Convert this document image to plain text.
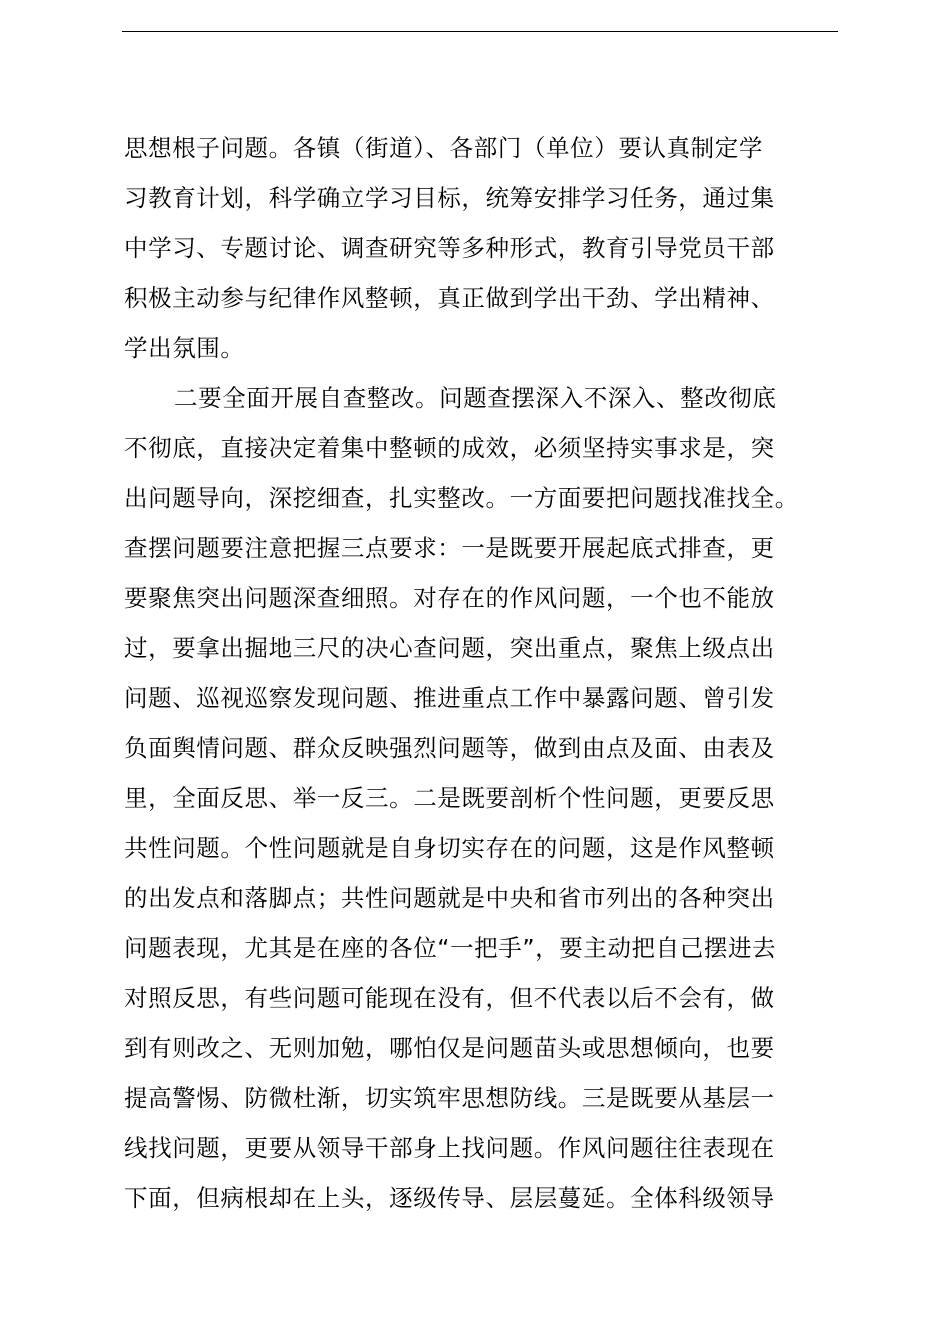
思想根子问题。各镇（街道）、各部门（单位）要认真制定学
习教育计划，科学确立学习目标，统筹安排学习任务，通过集
中学习、专题讨论、调查研究等多种形式，教育引导党员干部
积极主动参与纪律作风整顿，真正做到学出干劲、学出精神、
学出氛围。
二要全面开展自查整改。问题查摆深入不深入、整改彻底
不彻底，直接决定着集中整顿的成效，必须坚持实事求是，突
出问题导向，深挖细查，扎实整改。一方面要把问题找准找全。
查摆问题要注意把握三点要求：一是既要开展起底式排查，更
要聚焦突出问题深查细照。对存在的作风问题，一个也不能放
过，要拿出掘地三尺的决心查问题，突出重点，聚焦上级点出
问题、巡视巡察发现问题、推进重点工作中暴露问题、曾引发
负面舆情问题、群众反映强烈问题等，做到由点及面、由表及
里，全面反思、举一反三。二是既要剖析个性问题，更要反思
共性问题。个性问题就是自身切实存在的问题，这是作风整顿
的出发点和落脚点；共性问题就是中央和省市列出的各种突出
问题表现，尤其是在座的各位“一把手”，要主动把自己摆进去
对照反思，有些问题可能现在没有，但不代表以后不会有，做
到有则改之、无则加勉，哪怕仅是问题苗头或思想倾向，也要
提高警惕、防微杜渐，切实筑牢思想防线。三是既要从基层一
线找问题，更要从领导干部身上找问题。作风问题往往表现在
下面，但病根却在上头，逐级传导、层层蔓延。全体科级领导
